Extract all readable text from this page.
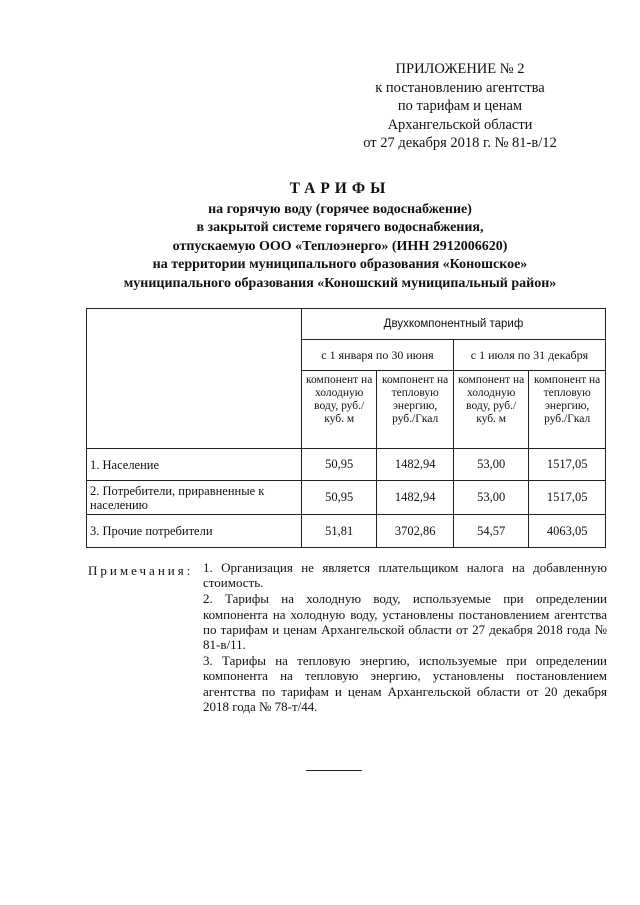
ПРИЛОЖЕНИЕ № 2
к постановлению агентства
по тарифам и ценам
Архангельской области
от 27 декабря 2018 г. № 81-в/12
ТАРИФЫ
на горячую воду (горячее водоснабжение)
в закрытой системе горячего водоснабжения,
отпускаемую ООО «Теплоэнерго» (ИНН 2912006620)
на территории муниципального образования «Коношское»
муниципального образования «Коношский муниципальный район»
	Двухкомпонентный тариф			
	с 1 января по 30 июня		с 1 июля по 31 декабря	
	компонент на холодную воду, руб./куб. м	компонент на тепловую энергию, руб./Гкал	компонент на холодную воду, руб./куб. м	компонент на тепловую энергию, руб./Гкал
1. Население	50,95	1482,94	53,00	1517,05
2. Потребители, приравненные к населению	50,95	1482,94	53,00	1517,05
3. Прочие потребители	51,81	3702,86	54,57	4063,05
Примечания: 1. Организация не является плательщиком налога на добавленную стоимость.

2. Тарифы на холодную воду, используемые при определении компонента на холодную воду, установлены постановлением агентства по тарифам и ценам Архангельской области от 27 декабря 2018 года № 81-в/11.

3. Тарифы на тепловую энергию, используемые при определении компонента на тепловую энергию, установлены постановлением агентства по тарифам и ценам Архангельской области от 20 декабря 2018 года № 78-т/44.
